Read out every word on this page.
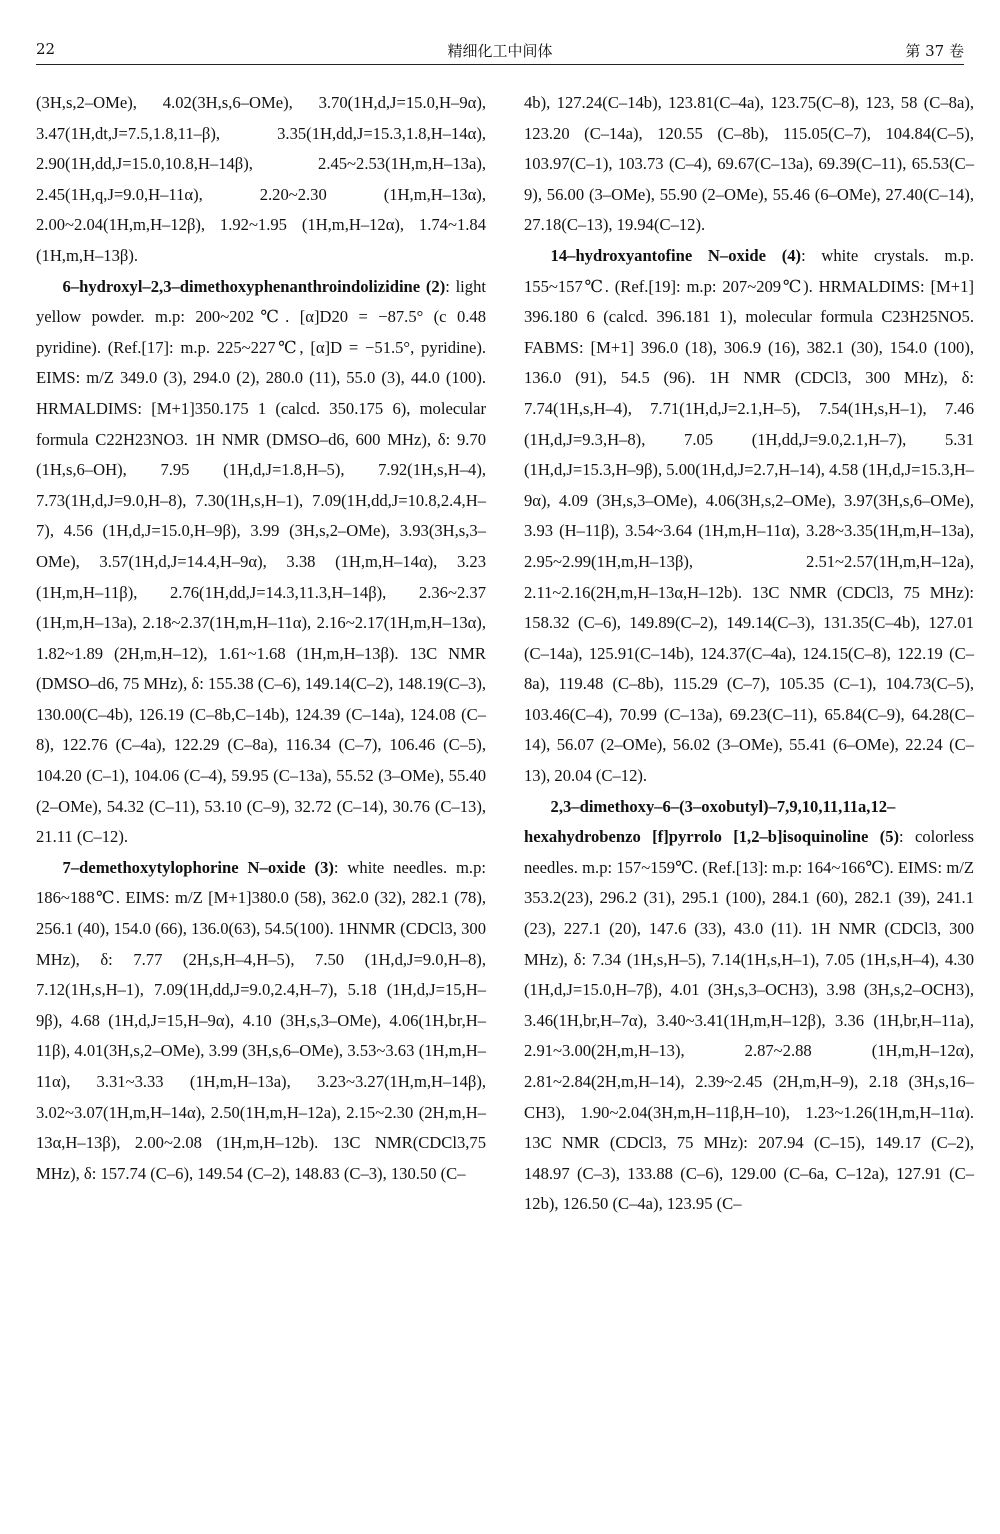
22	精细化工中间体	第 37 卷

(3H,s,2–OMe), 4.02(3H,s,6–OMe), 3.70(1H,d,J=15.0,H–9α), 3.47(1H,dt,J=7.5,1.8,11–β), 3.35(1H,dd,J=15.3,1.8,H–14α), 2.90(1H,dd,J=15.0,10.8,H–14β), 2.45~2.53(1H,m,H–13a), 2.45(1H,q,J=9.0,H–11α), 2.20~2.30 (1H,m,H–13α), 2.00~2.04(1H,m,H–12β), 1.92~1.95 (1H,m,H–12α), 1.74~1.84 (1H,m,H–13β).

6–hydroxyl–2,3–dimethoxyphenanthroindolizidine (2): light yellow powder. m.p: 200~202℃. [α]D20 = −87.5° (c 0.48 pyridine). (Ref.[17]: m.p. 225~227℃, [α]D = −51.5°, pyridine). EIMS: m/Z 349.0 (3), 294.0 (2), 280.0 (11), 55.0 (3), 44.0 (100). HRMALDIMS: [M+1]350.175 1 (calcd. 350.175 6), molecular formula C22H23NO3. 1H NMR (DMSO–d6, 600 MHz), δ: 9.70 (1H,s,6–OH), 7.95 (1H,d,J=1.8,H–5), 7.92(1H,s,H–4), 7.73(1H,d,J=9.0,H–8), 7.30(1H,s,H–1), 7.09(1H,dd,J=10.8,2.4,H–7), 4.56 (1H,d,J=15.0,H–9β), 3.99 (3H,s,2–OMe), 3.93(3H,s,3–OMe), 3.57(1H,d,J=14.4,H–9α), 3.38 (1H,m,H–14α), 3.23 (1H,m,H–11β), 2.76(1H,dd,J=14.3,11.3,H–14β), 2.36~2.37 (1H,m,H–13a), 2.18~2.37(1H,m,H–11α), 2.16~2.17(1H,m,H–13α), 1.82~1.89 (2H,m,H–12), 1.61~1.68 (1H,m,H–13β). 13C NMR (DMSO–d6, 75 MHz), δ: 155.38 (C–6), 149.14(C–2), 148.19(C–3), 130.00(C–4b), 126.19 (C–8b,C–14b), 124.39 (C–14a), 124.08 (C–8), 122.76 (C–4a), 122.29 (C–8a), 116.34 (C–7), 106.46 (C–5), 104.20 (C–1), 104.06 (C–4), 59.95 (C–13a), 55.52 (3–OMe), 55.40 (2–OMe), 54.32 (C–11), 53.10 (C–9), 32.72 (C–14), 30.76 (C–13), 21.11 (C–12).

7–demethoxytylophorine N–oxide (3): white needles. m.p: 186~188℃. EIMS: m/Z [M+1]380.0 (58), 362.0 (32), 282.1 (78), 256.1 (40), 154.0 (66), 136.0(63), 54.5(100). 1HNMR (CDCl3, 300 MHz), δ: 7.77 (2H,s,H–4,H–5), 7.50 (1H,d,J=9.0,H–8), 7.12(1H,s,H–1), 7.09(1H,dd,J=9.0,2.4,H–7), 5.18 (1H,d,J=15,H–9β), 4.68 (1H,d,J=15,H–9α), 4.10 (3H,s,3–OMe), 4.06(1H,br,H–11β), 4.01(3H,s,2–OMe), 3.99 (3H,s,6–OMe), 3.53~3.63 (1H,m,H–11α), 3.31~3.33 (1H,m,H–13a), 3.23~3.27(1H,m,H–14β), 3.02~3.07(1H,m,H–14α), 2.50(1H,m,H–12a), 2.15~2.30 (2H,m,H–13α,H–13β), 2.00~2.08 (1H,m,H–12b). 13C NMR(CDCl3,75 MHz), δ: 157.74 (C–6), 149.54 (C–2), 148.83 (C–3), 130.50 (C–

4b), 127.24(C–14b), 123.81(C–4a), 123.75(C–8), 123, 58 (C–8a), 123.20 (C–14a), 120.55 (C–8b), 115.05(C–7), 104.84(C–5), 103.97(C–1), 103.73 (C–4), 69.67(C–13a), 69.39(C–11), 65.53(C–9), 56.00 (3–OMe), 55.90 (2–OMe), 55.46 (6–OMe), 27.40(C–14), 27.18(C–13), 19.94(C–12).

14–hydroxyantofine N–oxide (4): white crystals. m.p. 155~157℃. (Ref.[19]: m.p: 207~209℃). HRMALDIMS: [M+1] 396.180 6 (calcd. 396.181 1), molecular formula C23H25NO5. FABMS: [M+1] 396.0 (18), 306.9 (16), 382.1 (30), 154.0 (100), 136.0 (91), 54.5 (96). 1H NMR (CDCl3, 300 MHz), δ: 7.74(1H,s,H–4), 7.71(1H,d,J=2.1,H–5), 7.54(1H,s,H–1), 7.46 (1H,d,J=9.3,H–8), 7.05 (1H,dd,J=9.0,2.1,H–7), 5.31 (1H,d,J=15.3,H–9β), 5.00(1H,d,J=2.7,H–14), 4.58 (1H,d,J=15.3,H–9α), 4.09 (3H,s,3–OMe), 4.06(3H,s,2–OMe), 3.97(3H,s,6–OMe), 3.93 (H–11β), 3.54~3.64 (1H,m,H–11α), 3.28~3.35(1H,m,H–13a), 2.95~2.99(1H,m,H–13β), 2.51~2.57(1H,m,H–12a), 2.11~2.16(2H,m,H–13α,H–12b). 13C NMR (CDCl3, 75 MHz): 158.32 (C–6), 149.89(C–2), 149.14(C–3), 131.35(C–4b), 127.01 (C–14a), 125.91(C–14b), 124.37(C–4a), 124.15(C–8), 122.19 (C–8a), 119.48 (C–8b), 115.29 (C–7), 105.35 (C–1), 104.73(C–5), 103.46(C–4), 70.99 (C–13a), 69.23(C–11), 65.84(C–9), 64.28(C–14), 56.07 (2–OMe), 56.02 (3–OMe), 55.41 (6–OMe), 22.24 (C–13), 20.04 (C–12).

2,3–dimethoxy–6–(3–oxobutyl)–7,9,10,11,11a,12–hexahydrobenzo [f]pyrrolo [1,2–b]isoquinoline (5): colorless needles. m.p: 157~159℃. (Ref.[13]: m.p: 164~166℃). EIMS: m/Z 353.2(23), 296.2 (31), 295.1 (100), 284.1 (60), 282.1 (39), 241.1 (23), 227.1 (20), 147.6 (33), 43.0 (11). 1H NMR (CDCl3, 300 MHz), δ: 7.34 (1H,s,H–5), 7.14(1H,s,H–1), 7.05 (1H,s,H–4), 4.30 (1H,d,J=15.0,H–7β), 4.01 (3H,s,3–OCH3), 3.98 (3H,s,2–OCH3), 3.46(1H,br,H–7α), 3.40~3.41(1H,m,H–12β), 3.36 (1H,br,H–11a), 2.91~3.00(2H,m,H–13), 2.87~2.88 (1H,m,H–12α), 2.81~2.84(2H,m,H–14), 2.39~2.45 (2H,m,H–9), 2.18 (3H,s,16–CH3), 1.90~2.04(3H,m,H–11β,H–10), 1.23~1.26(1H,m,H–11α). 13C NMR (CDCl3, 75 MHz): 207.94 (C–15), 149.17 (C–2), 148.97 (C–3), 133.88 (C–6), 129.00 (C–6a, C–12a), 127.91 (C–12b), 126.50 (C–4a), 123.95 (C–
